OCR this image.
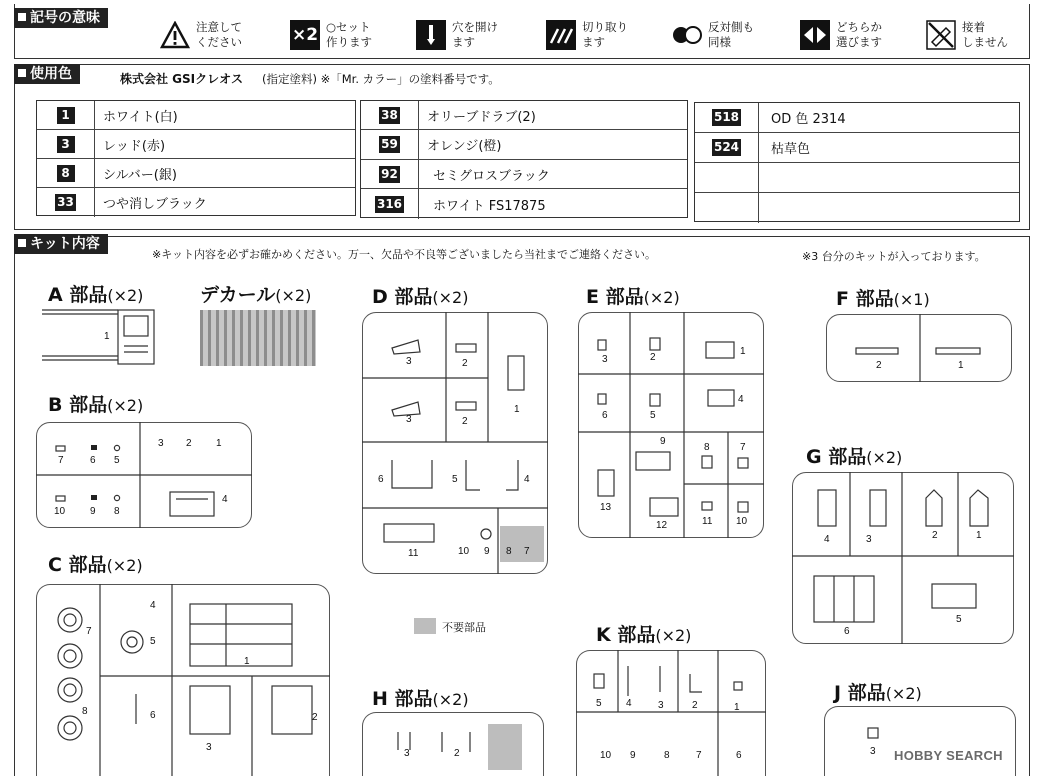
記号の意味
注意して
ください	×2 ○セット
作ります
穴を開け
ます
切り取り
ます
反対側も
同様
どちらか
選びます
接着
しません
使用色	株式会社 GSIクレオス (指定塗料) ※「Mr. カラー」の塗料番号です。
1	ホワイト(白)
3	レッド(赤)
8	シルバー(銀)
33	つや消しブラック
38	オリーブドラブ(2)
59	オレンジ(橙)
92	セミグロスブラック
316	ホワイト FS17875
518	OD 色 2314
524	枯草色
キット内容
※キット内容を必ずお確かめください。万一、欠品や不良等ございましたら当社までご連絡ください。	※3 台分のキットが入っております。
A 部品(×2)
1
デカール(×2)
B 部品(×2)
7	6 5
3 2 1
10 9 8
4
C 部品(×2)
7
8
4
5
6
1
3
2
D 部品(×2)
3	2
1
3	2
6	5	4
11	10 9 8 7
不要部品
E 部品(×2)
3	2
1
6	5
4
9
8	7
13
12	11 10
F 部品(×1)
2	1
G 部品(×2)
4	3	2	1
6
5
K 部品(×2)
5 4	3	2	1
10 9	8	7	6
H 部品(×2)
3	2
J 部品(×2)
3	HOBBY SEARCH
